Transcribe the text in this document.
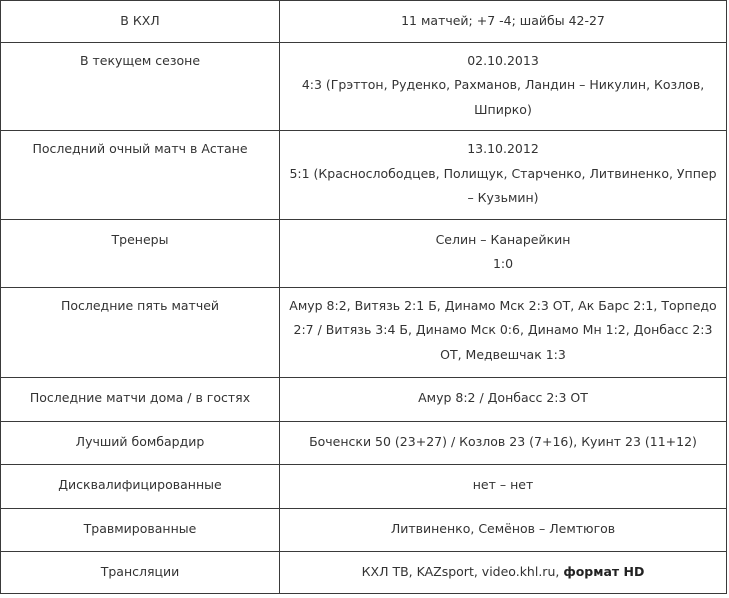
В КХЛ	11 матчей; +7 -4; шайбы 42-27

В текущем сезоне	02.10.2013
4:3 (Грэттон, Руденко, Рахманов, Ландин – Никулин, Козлов, Шпирко)

Последний очный матч в Астане	13.10.2012
5:1 (Краснослободцев, Полищук, Старченко, Литвиненко, Уппер – Кузьмин)

Тренеры	Селин – Канарейкин
1:0

Последние пять матчей	Амур 8:2, Витязь 2:1 Б, Динамо Мск 2:3 ОТ, Ак Барс 2:1, Торпедо 2:7 / Витязь 3:4 Б, Динамо Мск 0:6, Динамо Мн 1:2, Донбасс 2:3 ОТ, Медвешчак 1:3

Последние матчи дома / в гостях	Амур 8:2 / Донбасс 2:3 ОТ

Лучший бомбардир	Боченски 50 (23+27) / Козлов 23 (7+16), Куинт 23 (11+12)

Дисквалифицированные	нет – нет

Травмированные	Литвиненко, Семёнов – Лемтюгов

Трансляции	КХЛ ТВ, KAZsport, video.khl.ru, формат HD
